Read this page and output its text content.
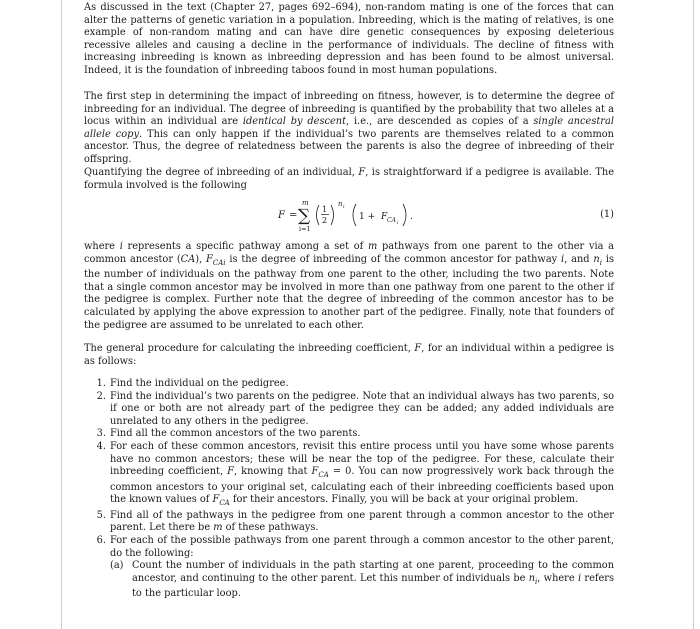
As discussed in the text (Chapter 27, pages 692–694), non-random mating is one of the forces that can alter the patterns of genetic variation in a population. Inbreeding, which is the mating of relatives, is one example of non-random mating and can have dire genetic consequences by exposing deleterious recessive alleles and causing a decline in the performance of individuals. The decline of fitness with increasing inbreeding is known as inbreeding depression and has been found to be almost universal. Indeed, it is the foundation of inbreeding taboos found in most human populations.

The first step in determining the impact of inbreeding on fitness, however, is to determine the degree of inbreeding for an individual. The degree of inbreeding is quantified by the probability that two alleles at a locus within an individual are identical by descent, i.e., are descended as copies of a single ancestral allele copy. This can only happen if the individual’s two parents are themselves related to a common ancestor. Thus, the degree of relatedness between the parents is also the degree of inbreeding of their offspring.

Quantifying the degree of inbreeding of an individual, F, is straightforward if a pedigree is available. The formula involved is the following

F =
m
∑
i=1
1
2
n i
1 + F CA i
.	(1)

where i represents a specific pathway among a set of m pathways from one parent to the other via a common ancestor (CA), $F_{CAi}$ is the degree of inbreeding of the common ancestor for pathway i, and $n_i$ is the number of individuals on the pathway from one parent to the other, including the two parents. Note that a single common ancestor may be involved in more than one pathway from one parent to the other if the pedigree is complex. Further note that the degree of inbreeding of the common ancestor has to be calculated by applying the above expression to another part of the pedigree. Finally, note that founders of the pedigree are assumed to be unrelated to each other.

The general procedure for calculating the inbreeding coefficient, F, for an individual within a pedigree is as follows:

1. Find the individual on the pedigree.
2. Find the individual’s two parents on the pedigree. Note that an individual always has two parents, so if one or both are not already part of the pedigree they can be added; any added individuals are unrelated to any others in the pedigree.
3. Find all the common ancestors of the two parents.
4. For each of these common ancestors, revisit this entire process until you have some whose parents have no common ancestors; these will be near the top of the pedigree. For these, calculate their inbreeding coefficient, F, knowing that $F_{CA} = 0$. You can now progressively work back through the common ancestors to your original set, calculating each of their inbreeding coefficients based upon the known values of $F_{CA}$ for their ancestors. Finally, you will be back at your original problem.
5. Find all of the pathways in the pedigree from one parent through a common ancestor to the other parent. Let there be m of these pathways.
6. For each of the possible pathways from one parent through a common ancestor to the other parent, do the following:
(a) Count the number of individuals in the path starting at one parent, proceeding to the common ancestor, and continuing to the other parent. Let this number of individuals be $n_i$, where i refers to the particular loop.
